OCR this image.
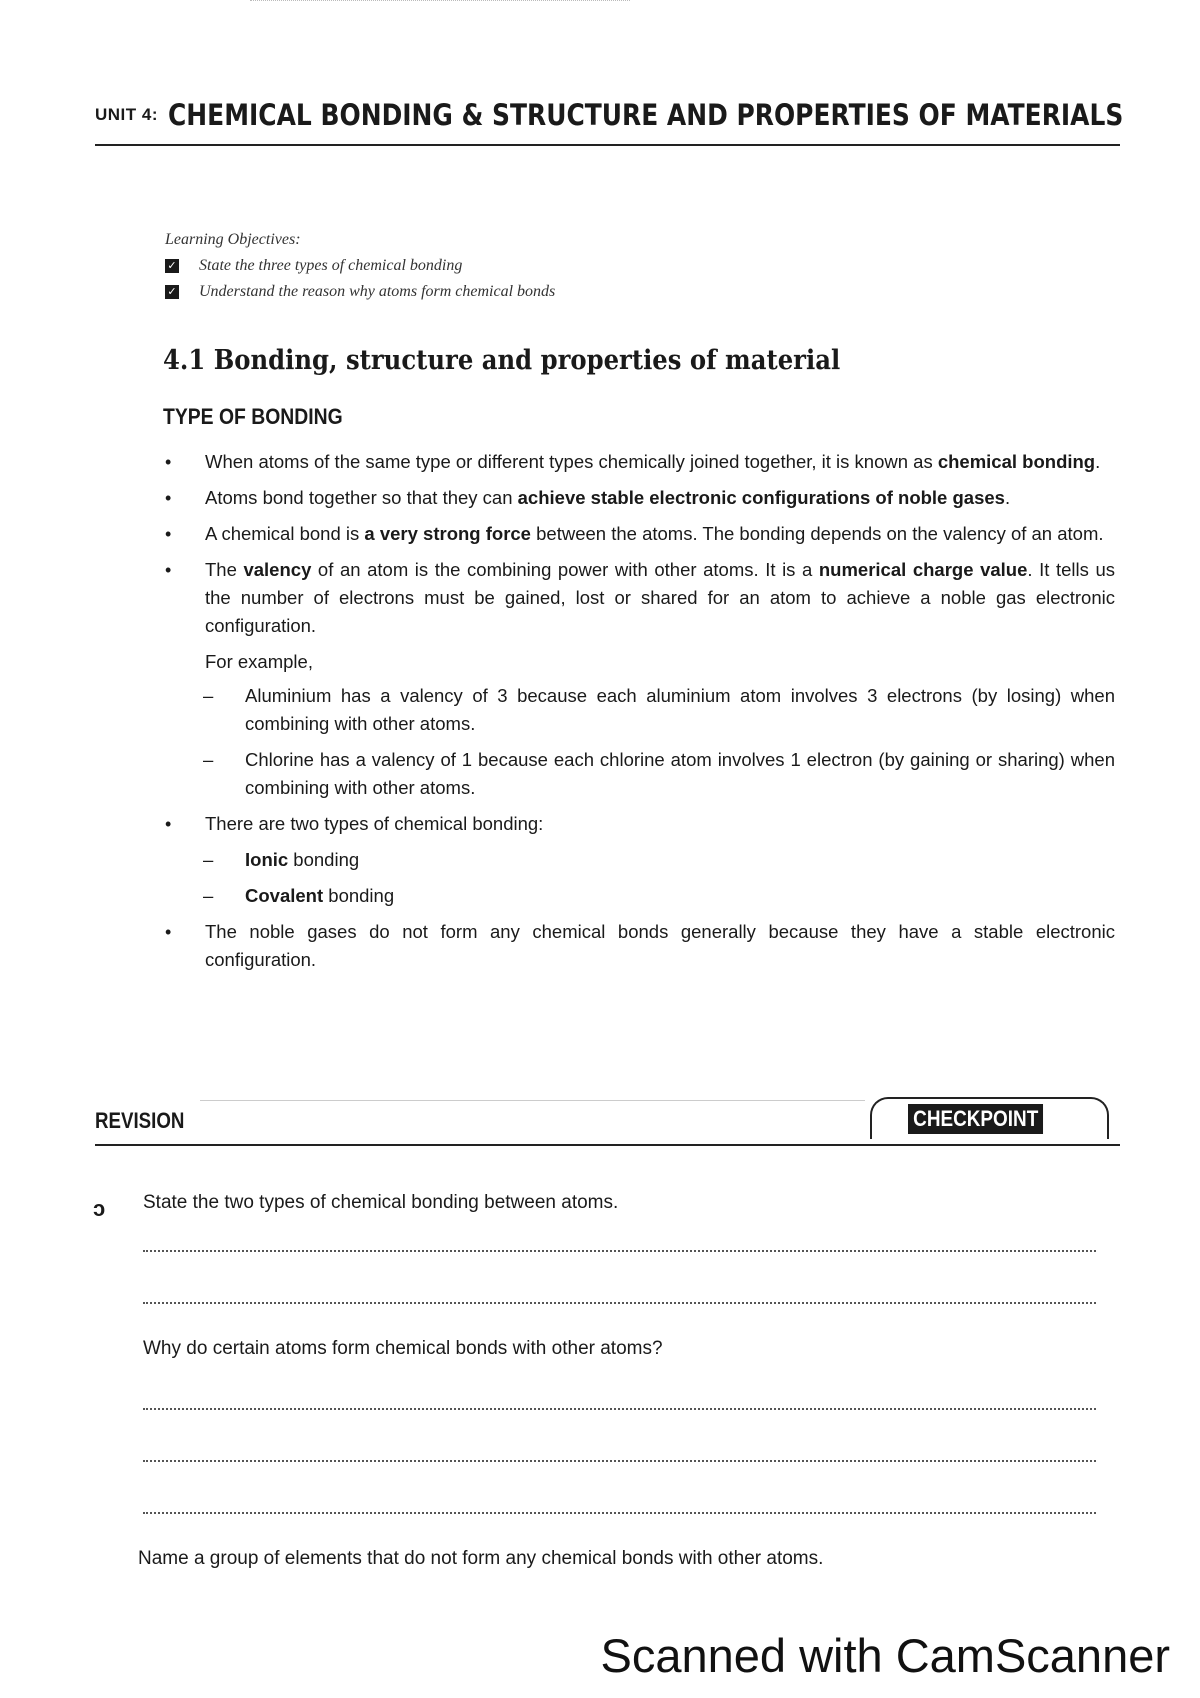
UNIT 4: CHEMICAL BONDING & STRUCTURE AND PROPERTIES OF MATERIALS
Learning Objectives:
✓ State the three types of chemical bonding
✓ Understand the reason why atoms form chemical bonds
4.1 Bonding, structure and properties of material
TYPE OF BONDING
• When atoms of the same type or different types chemically joined together, it is known as chemical bonding.
• Atoms bond together so that they can achieve stable electronic configurations of noble gases.
• A chemical bond is a very strong force between the atoms. The bonding depends on the valency of an atom.
• The valency of an atom is the combining power with other atoms. It is a numerical charge value. It tells us the number of electrons must be gained, lost or shared for an atom to achieve a noble gas electronic configuration.
For example,
– Aluminium has a valency of 3 because each aluminium atom involves 3 electrons (by losing) when combining with other atoms.
– Chlorine has a valency of 1 because each chlorine atom involves 1 electron (by gaining or sharing) when combining with other atoms.
• There are two types of chemical bonding:
– Ionic bonding
– Covalent bonding
• The noble gases do not form any chemical bonds generally because they have a stable electronic configuration.
REVISION	CHECKPOINT
ↄ State the two types of chemical bonding between atoms.
Why do certain atoms form chemical bonds with other atoms?
Name a group of elements that do not form any chemical bonds with other atoms.
Scanned with CamScanner
